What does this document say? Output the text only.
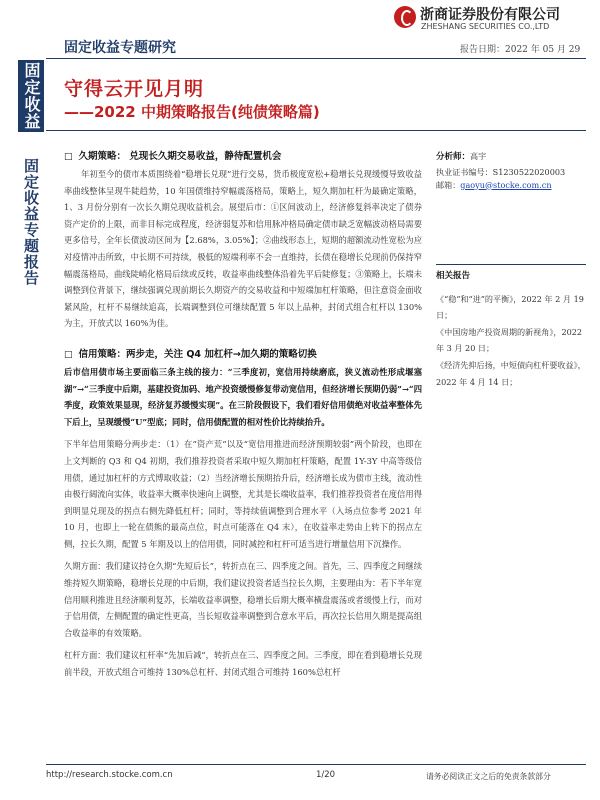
固定收益
固定收益专题报告
浙商证券股份有限公司
ZHESHANG SECURITIES CO.,LTD
固定收益专题研究	报告日期：2022 年 05 月 29
守得云开见月明
——2022 中期策略报告(纯债策略篇)
□ 久期策略： 兑现长久期交易收益，静待配置机会
年初至今的债市本质围绕着“稳增长兑现”进行交易，货币极度宽松+稳增长兑现缓慢导致收益率曲线整体呈现牛陡趋势，10 年国债维持窄幅震荡格局，策略上，短久期加杠杆为最确定策略，1、3 月份分别有一次长久期兑现收益机会。展望后市：①区间波动上，经济修复斜率决定了债券资产定价的上限，而非目标完成程度，经济弱复苏和信用脉冲格局确定债市缺乏宽幅波动格局需要更多信号，全年长债波动区间为【2.68%，3.05%】；②曲线形态上，短期的超额流动性宽松为应对疫情冲击所致，中长期不可持续，极低的短端利率不会一直维持，长债在稳增长兑现前仍保持窄幅震荡格局，曲线陡峭化格局后续或反转，收益率曲线整体沿着先平后陡修复；③策略上，长端未调整到位背景下，继续强调兑现前期长久期资产的交易收益和中短端加杠杆策略，但注意资金面收紧风险，杠杆不易继续追高，长端调整到位可继续配置 5 年以上品种，封闭式组合杠杆以 130%为主，开放式以 160%为佳。
□ 信用策略：两步走，关注 Q4 加杠杆→加久期的策略切换
后市信用债市场主要面临三条主线的接力：“三季度初，宽信用持续磨底，狭义流动性形成堰塞湖”→“三季度中后期，基建投资加码、地产投资缓慢修复带动宽信用，但经济增长预期仍弱”→“四季度，政策效果显现，经济复苏缓慢实现”。在三阶段假设下，我们看好信用债绝对收益率整体先下后上，呈现缓慢“U”型底；同时，信用债配置的相对性价比持续抬升。
下半年信用策略分两步走：（1）在“资产荒”以及“宽信用推进而经济预期较弱”两个阶段，也即在上文判断的 Q3 和 Q4 初期，我们推荐投资者采取中短久期加杠杆策略，配置 1Y-3Y 中高等级信用债，通过加杠杆的方式博取收益；（2）当经济增长预期抬升后，经济增长成为债市主线，流动性由极行阔流向实体，收益率大概率快速向上调整，尤其是长端收益率，我们推荐投资者在度信用得到明显兑现及的拐点右侧先降低杠杆；同时，等持续值调整到合理水平（入场点位参考 2021 年 10 月，也即上一轮在债熊的最高点位，时点可能落在 Q4 末），在收益率走势由上转下的拐点左侧，拉长久期，配置 5 年期及以上的信用债，同时减控和杠杆可适当进行增量信用下沉操作。
久期方面：我们建议持仓久期“先短后长”，转折点在三、四季度之间。首先，三、四季度之间继续维持短久期策略，稳增长兑现的中后期，我们建议投资者适当拉长久期，主要理由为：若下半年宽信用顺利推进且经济顺利复苏，长端收益率调整，稳增长后期大概率横盘震荡或者缓慢上行，而对于信用债，左侧配置的确定性更高，当长短收益率调整到合意水平后，再次拉长信用久期是提高组合收益率的有效策略。
杠杆方面：我们建议杠杆率“先加后减”，转折点在三、四季度之间。三季度，即在看到稳增长兑现前半段，开放式组合可维持 130%总杠杆、封闭式组合可维持 160%总杠杆
分析师：高宇
执业证书编号：S1230522020003
邮箱：gaoyu@stocke.com.cn
相关报告
《“稳”和“进”的平衡》，2022 年 2 月 19 日；
《中国房地产投资周期的新视角》，2022 年 3 月 20 日；
《经济先抑后扬，中短债向杠杆要收益》，2022 年 4 月 14 日；
http://research.stocke.com.cn	1/20	请务必阅读正文之后的免责条款部分
